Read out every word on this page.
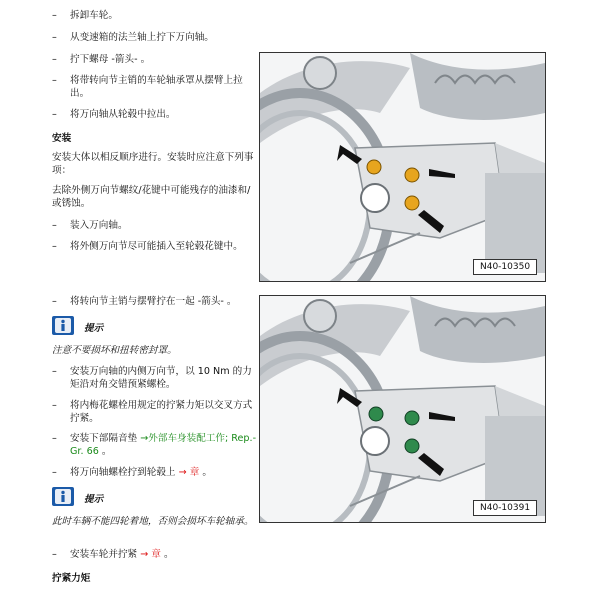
–	拆卸车轮。
–	从变速箱的法兰轴上拧下万向轴。
–	拧下螺母 -箭头- 。
–	将带转向节主销的车轮轴承罩从摆臂上拉出。
–	将万向轴从轮毂中拉出。
安装
安装大体以相反顺序进行。安装时应注意下列事项：
去除外侧万向节螺纹/花键中可能残存的油漆和/或锈蚀。
–	装入万向轴。
–	将外侧万向节尽可能插入至轮毂花键中。
–	将转向节主销与摆臂拧在一起 -箭头- 。
提示
注意不要损坏和扭转密封罩。
–	安装万向轴的内侧万向节，以 10 Nm 的力矩沿对角交错预紧螺栓。
–	将内梅花螺栓用规定的拧紧力矩以交叉方式拧紧。
–	安装下部隔音垫 →外部车身装配工作; Rep.-Gr. 66 。
–	将万向轴螺栓拧到轮毂上 → 章 。
提示
此时车辆不能四轮着地，否则会损坏车轮轴承。
–	安装车轮并拧紧 → 章 。
拧紧力矩
N40-10350
N40-10391
